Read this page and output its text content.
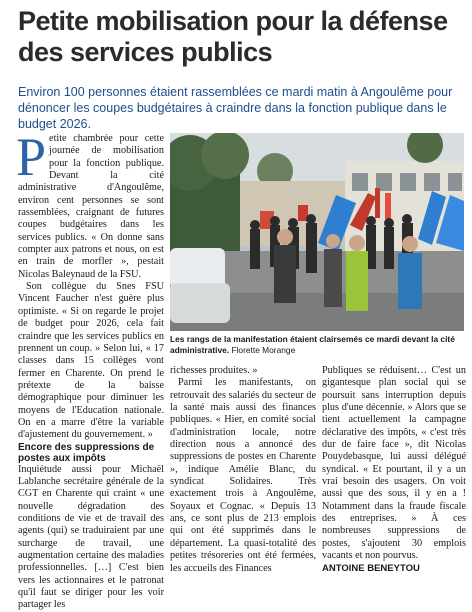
Petite mobilisation pour la défense des services publics

Environ 100 personnes étaient rassemblées ce mardi matin à Angoulême pour dénoncer les coupes budgétaires à craindre dans la fonction publique dans le budget 2026.

Petite chambrée pour cette journée de mobilisation pour la fonction publique. Devant la cité administrative d'Angoulême, environ cent personnes se sont rassemblées, craignant de futures coupes budgétaires dans les services publics. « On donne sans compter aux patrons et nous, on est en train de morfler », pestait Nicolas Baleynaud de la FSU.

Son collègue du Snes FSU Vincent Faucher n'est guère plus optimiste. « Si on regarde le projet de budget pour 2026, cela fait craindre que les services publics en prennent un coup. » Selon lui, « 17 classes dans 15 collèges vont fermer en Charente. On prend le prétexte de la baisse démographique pour diminuer les moyens de l'Education nationale. On en a marre d'être la variable d'ajustement du gouvernement. »

Encore des suppressions de postes aux impôts

Inquiétude aussi pour Michaël Lablanche secrétaire générale de la CGT en Charente qui craint « une nouvelle dégradation des conditions de vie et de travail des agents (qui) se traduiraient par une surcharge de travail, une augmentation certaine des maladies professionnelles. […] C'est bien vers les actionnaires et le patronat qu'il faut se diriger pour les voir partager les

Les rangs de la manifestation étaient clairsemés ce mardi devant la cité administrative. Florette Morange

richesses produites. »

Parmi les manifestants, on retrouvait des salariés du secteur de la santé mais aussi des finances publiques. « Hier, en comité social d'administration locale, notre direction nous a annoncé des suppressions de postes en Charente », indique Amélie Blanc, du syndicat Solidaires. Très exactement trois à Angoulême, Soyaux et Cognac. « Depuis 13 ans, ce sont plus de 213 emplois qui ont été supprimés dans le département. La quasi-totalité des petites trésoreries ont été fermées, les accueils des Finances

Publiques se réduisent… C'est un gigantesque plan social qui se poursuit sans interruption depuis plus d'une décennie. » Alors que se tient actuellement la campagne déclarative des impôts, « c'est très dur de faire face », dit Nicolas Pouydebasque, lui aussi délégué syndical. « Et pourtant, il y a un vrai besoin des usagers. On voit aussi que des sous, il y en a ! Notamment dans la fraude fiscale des entreprises. » À ces nombreuses suppressions de postes, s'ajoutent 30 emplois vacants et non pourvus.

ANTOINE BENEYTOU
